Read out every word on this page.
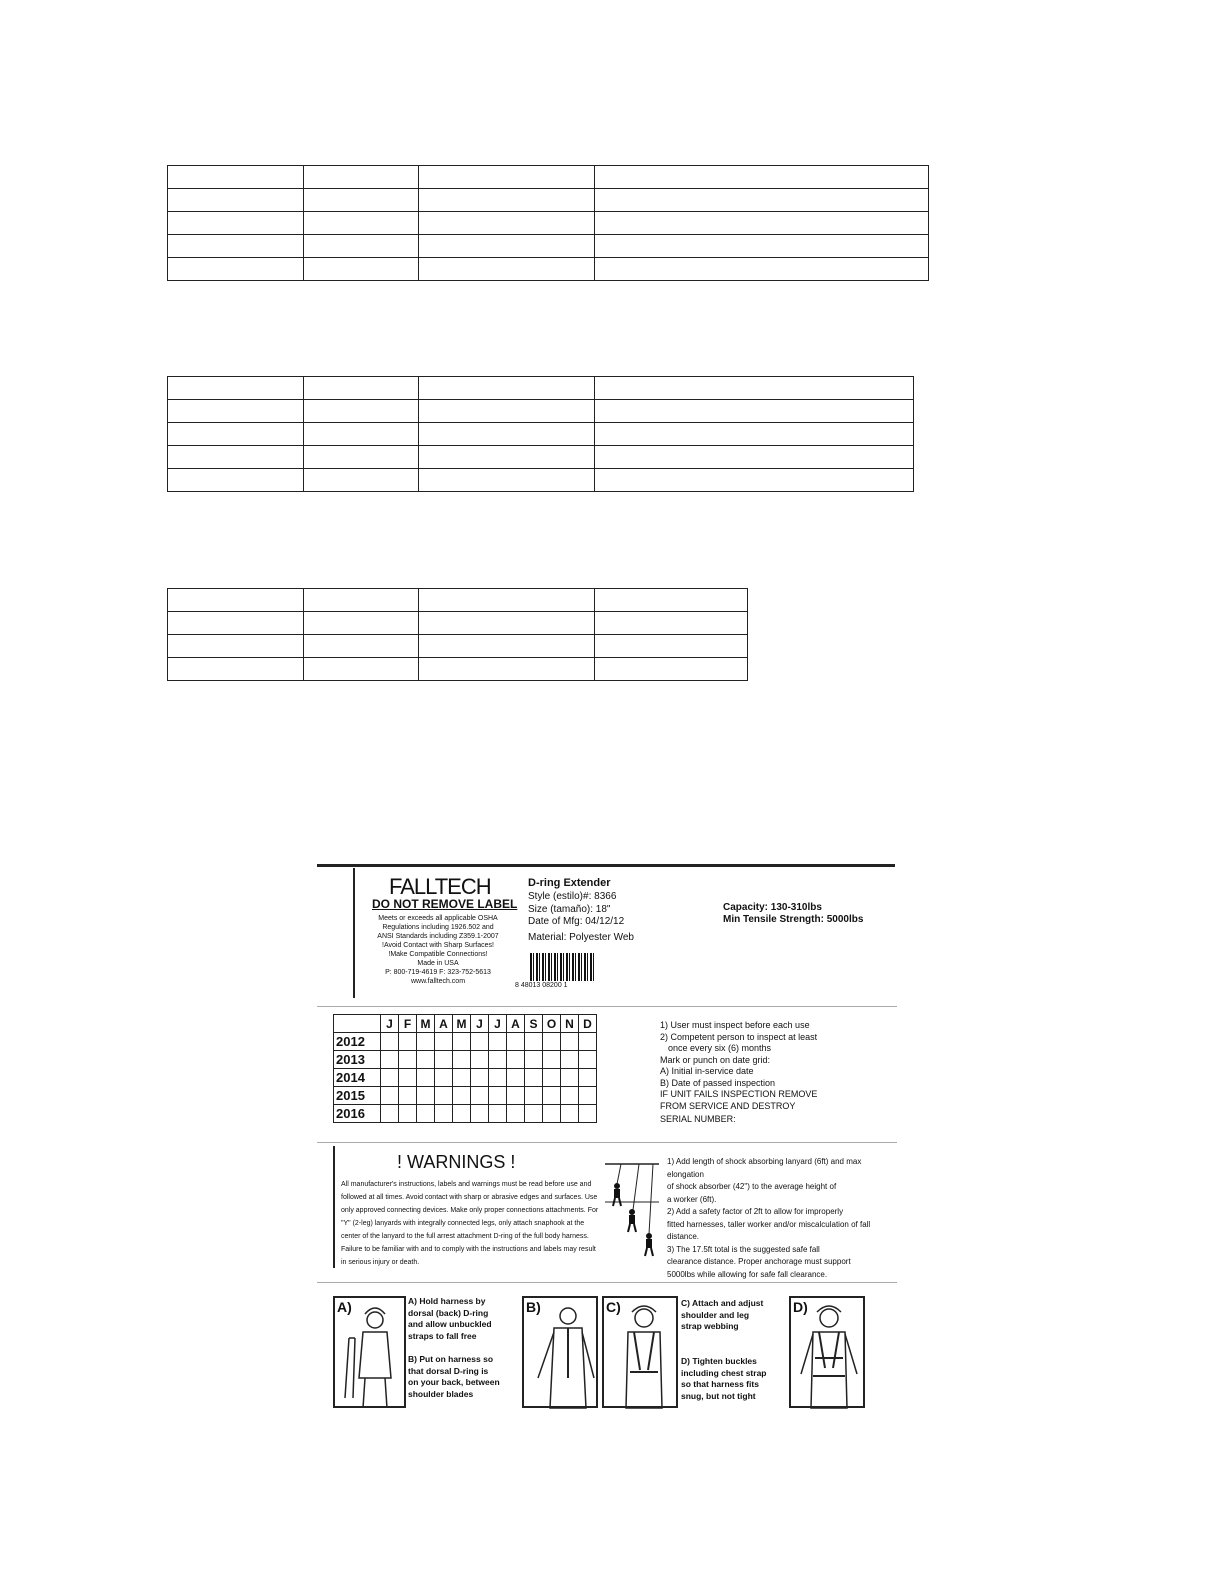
FALLTECH
DO NOT REMOVE LABEL
Meets or exceeds all applicable OSHA
Regulations including 1926.502 and
ANSI Standards including Z359.1-2007
!Avoid Contact with Sharp Surfaces!
!Make Compatible Connections!
Made in USA
P: 800-719-4619 F: 323-752-5613
www.falltech.com
D-ring Extender
Style (estilo)#: 8366
Size (tamaño): 18"
Date of Mfg: 04/12/12
Material: Polyester Web
Capacity: 130-310lbs
Min Tensile Strength: 5000lbs
8 48013 08200 1
	J	F	M	A	M	J	J	A	S	O	N	D
2012												
2013												
2014												
2015												
2016												
1) User must inspect before each use
2) Competent person to inspect at least
once every six (6) months
Mark or punch on date grid:
A) Initial in-service date
B) Date of passed inspection
IF UNIT FAILS INSPECTION REMOVE
FROM SERVICE AND DESTROY
SERIAL NUMBER:
! WARNINGS !
All manufacturer's instructions, labels and warnings must be read before use and followed at all times. Avoid contact with sharp or abrasive edges and surfaces. Use only approved connecting devices. Make only proper connections attachments. For "Y" (2-leg) lanyards with integrally connected legs, only attach snaphook at the center of the lanyard to the full arrest attachment D-ring of the full body harness. Failure to be familiar with and to comply with the instructions and labels may result in serious injury or death.
1) Add length of shock absorbing lanyard (6ft) and max elongation
of shock absorber (42") to the average height of
a worker (6ft).
2) Add a safety factor of 2ft to allow for improperly
fitted harnesses, taller worker and/or miscalculation of fall distance.
3) The 17.5ft total is the suggested safe fall
clearance distance. Proper anchorage must support
5000lbs while allowing for safe fall clearance.
A)	A) Hold harness by
dorsal (back) D-ring
and allow unbuckled
straps to fall free
B) Put on harness so
that dorsal D-ring is
on your back, between
shoulder blades
B)	C)	C) Attach and adjust
shoulder and leg
strap webbing
D) Tighten buckles
including chest strap
so that harness fits
snug, but not tight
D)
